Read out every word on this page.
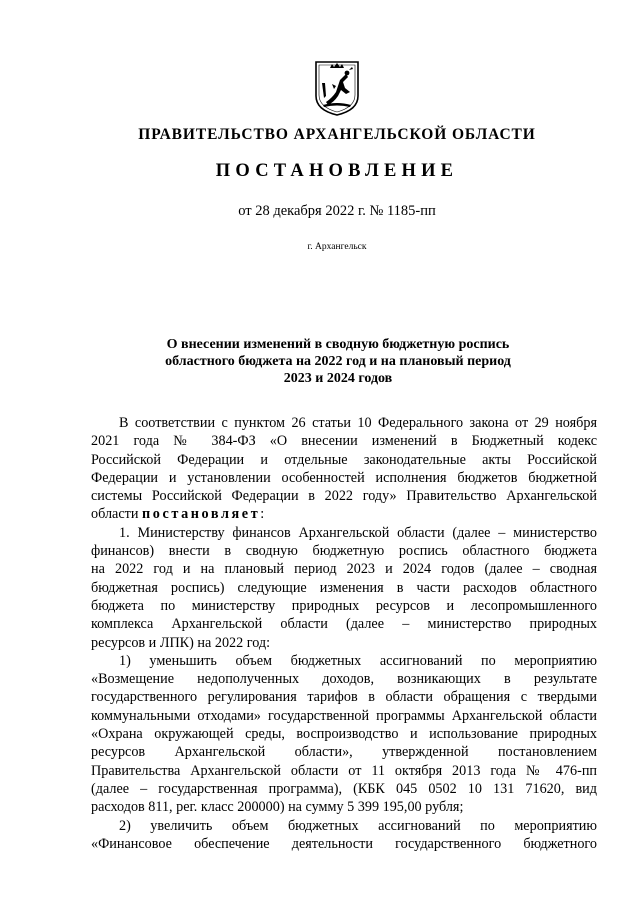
ПРАВИТЕЛЬСТВО АРХАНГЕЛЬСКОЙ ОБЛАСТИ
ПОСТАНОВЛЕНИЕ
от 28 декабря 2022 г. № 1185-пп
г. Архангельск
О внесении изменений в сводную бюджетную роспись
областного бюджета на 2022 год и на плановый период
2023 и 2024 годов
В соответствии с пунктом 26 статьи 10 Федерального закона от 29 ноября
2021 года № 384-ФЗ «О внесении изменений в Бюджетный кодекс
Российской Федерации и отдельные законодательные акты Российской
Федерации и установлении особенностей исполнения бюджетов бюджетной
системы Российской Федерации в 2022 году» Правительство Архангельской
области постановляет:
1. Министерству финансов Архангельской области (далее – министерство
финансов) внести в сводную бюджетную роспись областного бюджета
на 2022 год и на плановый период 2023 и 2024 годов (далее – сводная
бюджетная роспись) следующие изменения в части расходов областного
бюджета по министерству природных ресурсов и лесопромышленного
комплекса Архангельской области (далее – министерство природных
ресурсов и ЛПК) на 2022 год:
1) уменьшить объем бюджетных ассигнований по мероприятию
«Возмещение недополученных доходов, возникающих в результате
государственного регулирования тарифов в области обращения с твердыми
коммунальными отходами» государственной программы Архангельской области
«Охрана окружающей среды, воспроизводство и использование природных
ресурсов Архангельской области», утвержденной постановлением
Правительства Архангельской области от 11 октября 2013 года № 476-пп
(далее – государственная программа), (КБК 045 0502 10 131 71620, вид
расходов 811, рег. класс 200000) на сумму 5 399 195,00 рубля;
2) увеличить объем бюджетных ассигнований по мероприятию
«Финансовое обеспечение деятельности государственного бюджетного
